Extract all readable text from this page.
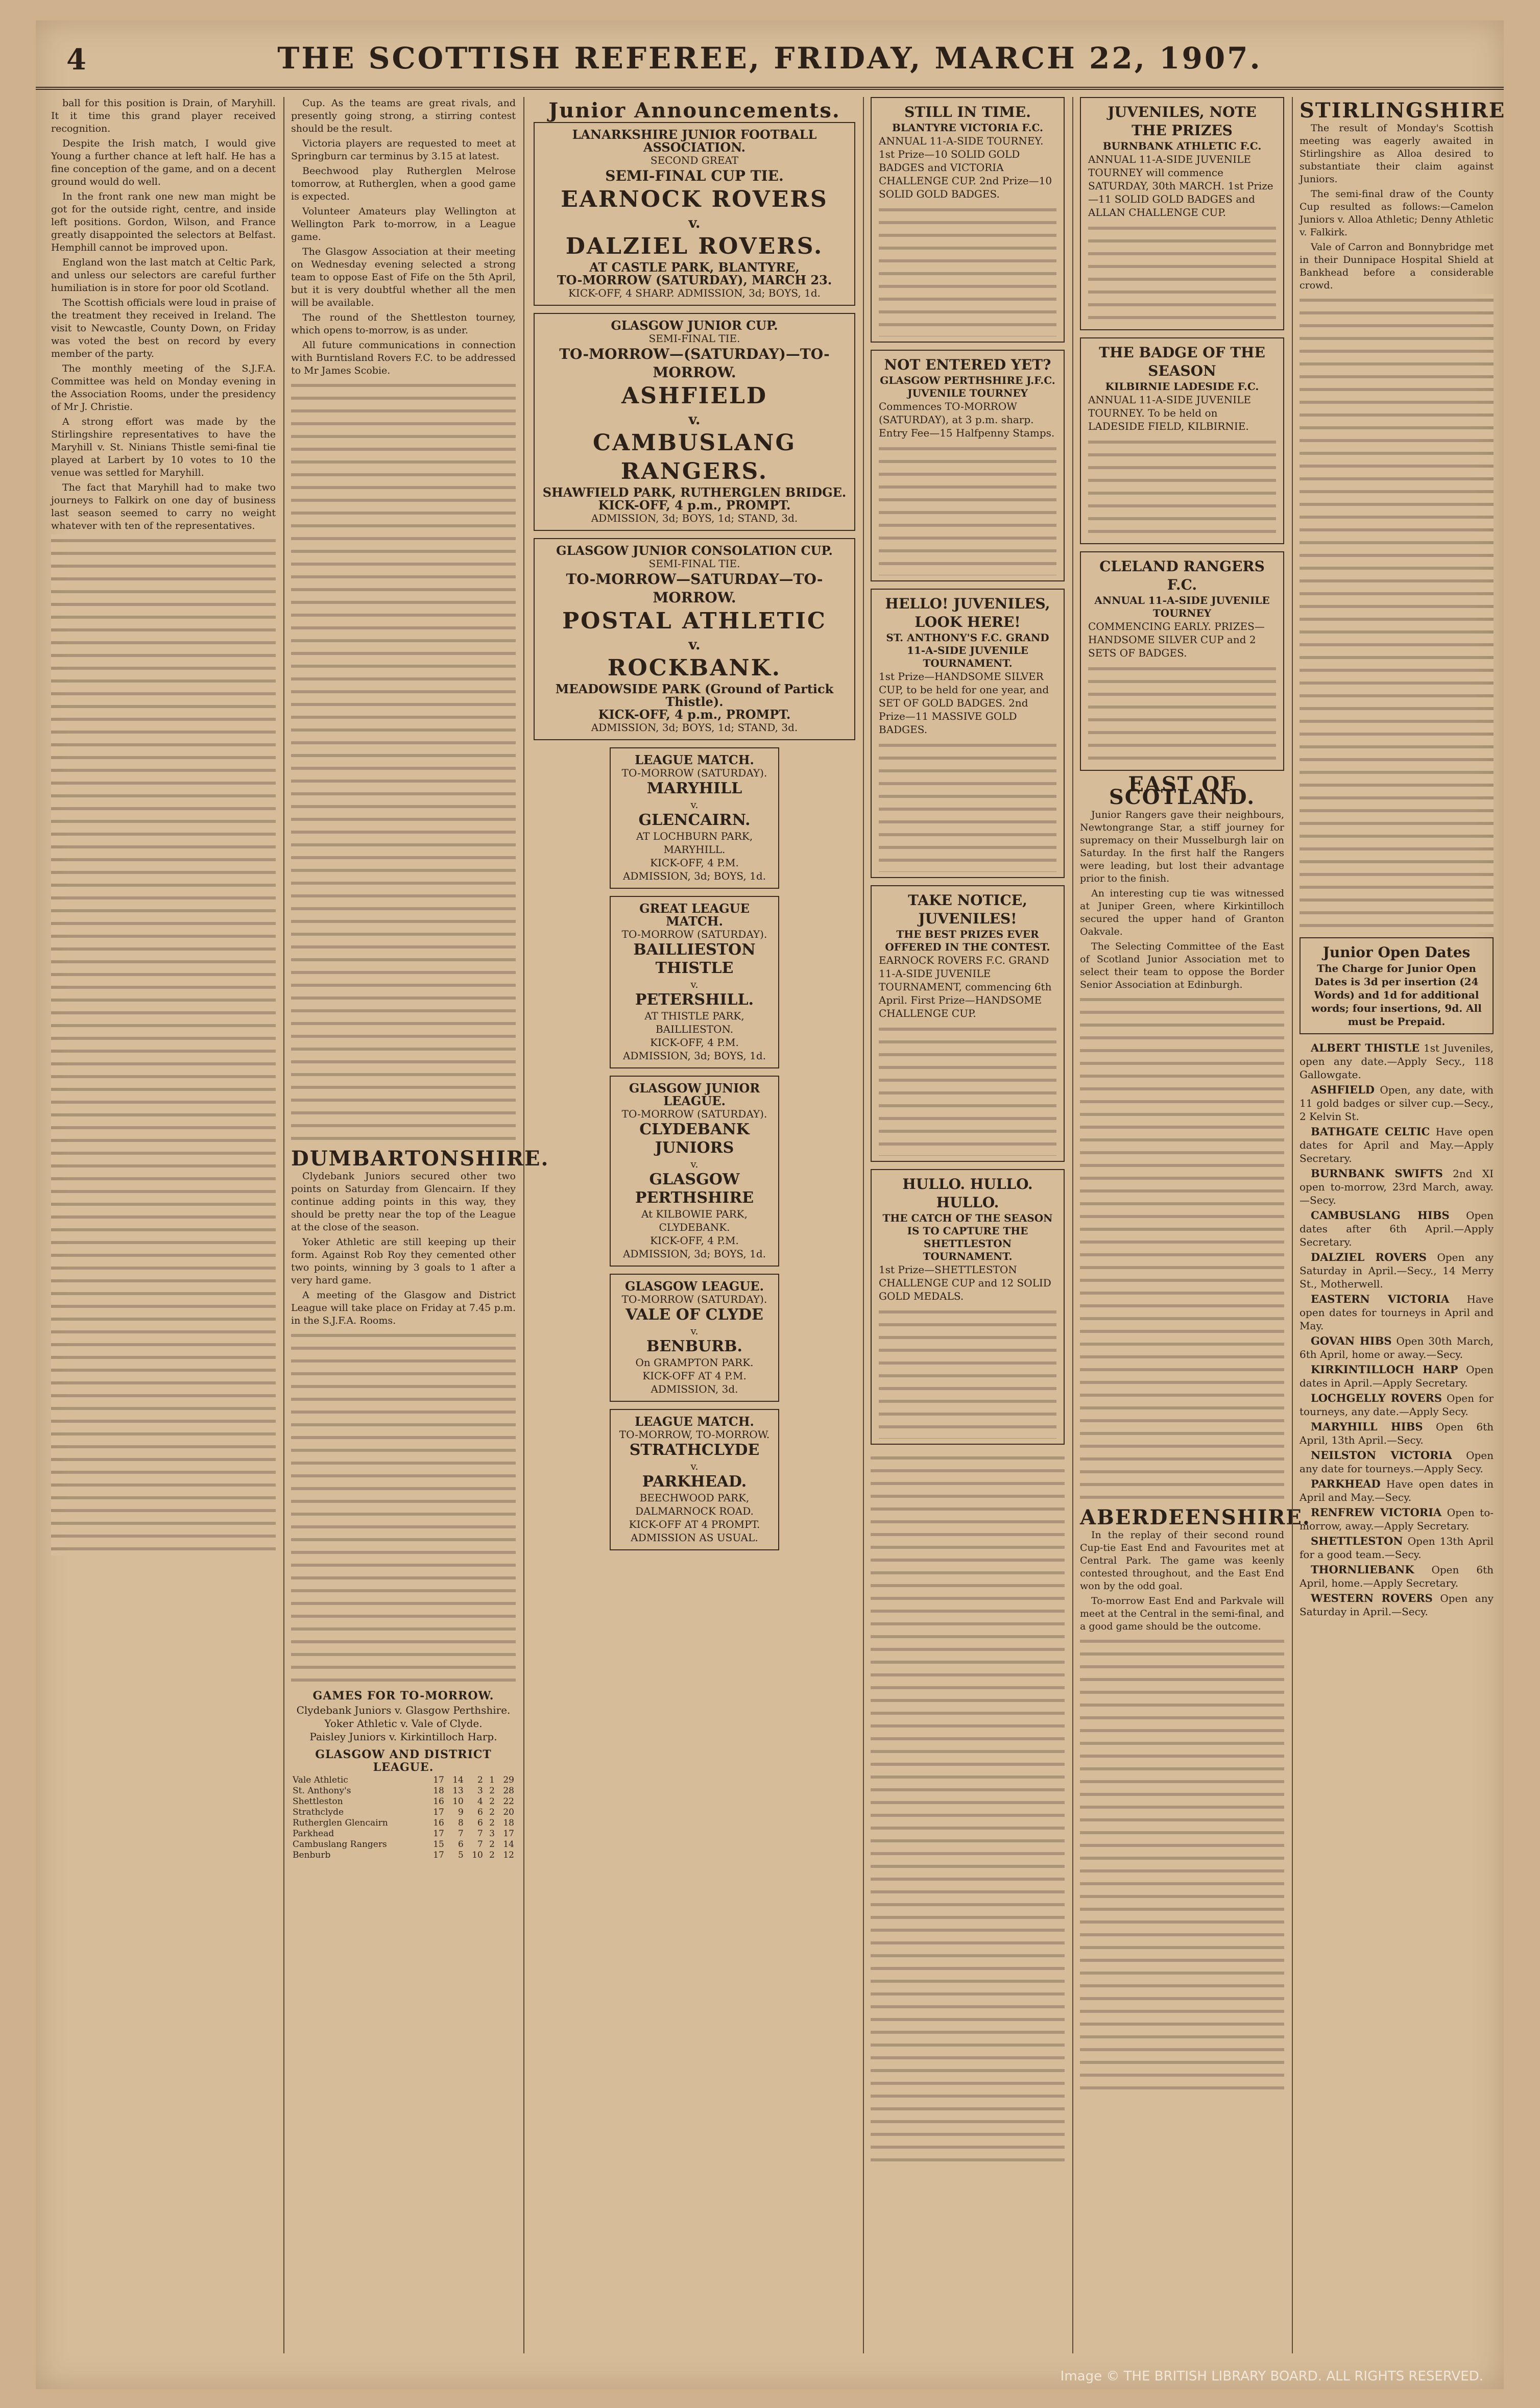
4	THE SCOTTISH REFEREE, FRIDAY, MARCH 22, 1907.

ball for this position is Drain, of Maryhill. It it time this grand player received recognition.

Despite the Irish match, I would give Young a further chance at left half. He has a fine conception of the game, and on a decent ground would do well.

In the front rank one new man might be got for the outside right, centre, and inside left positions. Gordon, Wilson, and France greatly disappointed the selectors at Belfast. Hemphill cannot be improved upon.

England won the last match at Celtic Park, and unless our selectors are careful further humiliation is in store for poor old Scotland.

The Scottish officials were loud in praise of the treatment they received in Ireland. The visit to Newcastle, County Down, on Friday was voted the best on record by every member of the party.

The monthly meeting of the S.J.F.A. Committee was held on Monday evening in the Association Rooms, under the presidency of Mr J. Christie.

A strong effort was made by the Stirlingshire representatives to have the Maryhill v. St. Ninians Thistle semi-final tie played at Larbert by 10 votes to 10 the venue was settled for Maryhill.

The fact that Maryhill had to make two journeys to Falkirk on one day of business last season seemed to carry no weight whatever with ten of the representatives.

Cup. As the teams are great rivals, and presently going strong, a stirring contest should be the result.

Victoria players are requested to meet at Springburn car terminus by 3.15 at latest.

Beechwood play Rutherglen Melrose tomorrow, at Rutherglen, when a good game is expected.

Volunteer Amateurs play Wellington at Wellington Park to-morrow, in a League game.

The Glasgow Association at their meeting on Wednesday evening selected a strong team to oppose East of Fife on the 5th April, but it is very doubtful whether all the men will be available.

The round of the Shettleston tourney, which opens to-morrow, is as under.

All future communications in connection with Burntisland Rovers F.C. to be addressed to Mr James Scobie.

DUMBARTONSHIRE.

Clydebank Juniors secured other two points on Saturday from Glencairn. If they continue adding points in this way, they should be pretty near the top of the League at the close of the season.

Yoker Athletic are still keeping up their form. Against Rob Roy they cemented other two points, winning by 3 goals to 1 after a very hard game.

A meeting of the Glasgow and District League will take place on Friday at 7.45 p.m. in the S.J.F.A. Rooms.

GAMES FOR TO-MORROW.
Clydebank Juniors v. Glasgow Perthshire.
Yoker Athletic v. Vale of Clyde.
Paisley Juniors v. Kirkintilloch Harp.
GLASGOW AND DISTRICT LEAGUE.
Vale Athletic	17	14	2	1	29
St. Anthony's	18	13	3	2	28
Shettleston	16	10	4	2	22
Strathclyde	17	9	6	2	20
Rutherglen Glencairn	16	8	6	2	18
Parkhead	17	7	7	3	17
Cambuslang Rangers	15	6	7	2	14
Benburb	17	5	10	2	12
Junior Announcements.
LANARKSHIRE JUNIOR FOOTBALL ASSOCIATION.
SECOND GREAT
SEMI-FINAL CUP TIE.
EARNOCK ROVERS
v.
DALZIEL ROVERS.
AT CASTLE PARK, BLANTYRE,
TO-MORROW (SATURDAY), MARCH 23.
KICK-OFF, 4 SHARP. ADMISSION, 3d; BOYS, 1d.
GLASGOW JUNIOR CUP.
SEMI-FINAL TIE.
TO-MORROW—(SATURDAY)—TO-MORROW.
ASHFIELD
v.
CAMBUSLANG RANGERS.
SHAWFIELD PARK, RUTHERGLEN BRIDGE.
KICK-OFF, 4 p.m., PROMPT.
ADMISSION, 3d; BOYS, 1d; STAND, 3d.
GLASGOW JUNIOR CONSOLATION CUP.
SEMI-FINAL TIE.
TO-MORROW—SATURDAY—TO-MORROW.
POSTAL ATHLETIC
v.
ROCKBANK.
MEADOWSIDE PARK (Ground of Partick Thistle).
KICK-OFF, 4 p.m., PROMPT.
ADMISSION, 3d; BOYS, 1d; STAND, 3d.
LEAGUE MATCH.
TO-MORROW (SATURDAY).
MARYHILL
v.
GLENCAIRN.
AT LOCHBURN PARK, MARYHILL.
KICK-OFF, 4 P.M. ADMISSION, 3d; BOYS, 1d.
GREAT LEAGUE MATCH.
TO-MORROW (SATURDAY).
BAILLIESTON THISTLE
v.
PETERSHILL.
AT THISTLE PARK, BAILLIESTON.
KICK-OFF, 4 P.M. ADMISSION, 3d; BOYS, 1d.
GLASGOW JUNIOR LEAGUE.
TO-MORROW (SATURDAY).
CLYDEBANK JUNIORS
v.
GLASGOW PERTHSHIRE
At KILBOWIE PARK, CLYDEBANK.
KICK-OFF, 4 P.M. ADMISSION, 3d; BOYS, 1d.
GLASGOW LEAGUE.
TO-MORROW (SATURDAY).
VALE OF CLYDE
v.
BENBURB.
On GRAMPTON PARK.
KICK-OFF AT 4 P.M. ADMISSION, 3d.
LEAGUE MATCH.
TO-MORROW, TO-MORROW.
STRATHCLYDE
v.
PARKHEAD.
BEECHWOOD PARK, DALMARNOCK ROAD.
KICK-OFF AT 4 PROMPT. ADMISSION AS USUAL.
STILL IN TIME.
BLANTYRE VICTORIA F.C.
ANNUAL 11-A-SIDE TOURNEY. 1st Prize—10 SOLID GOLD BADGES and VICTORIA CHALLENGE CUP. 2nd Prize—10 SOLID GOLD BADGES.
NOT ENTERED YET?
GLASGOW PERTHSHIRE J.F.C. JUVENILE TOURNEY
Commences TO-MORROW (SATURDAY), at 3 p.m. sharp. Entry Fee—15 Halfpenny Stamps.
HELLO! JUVENILES, LOOK HERE!
ST. ANTHONY'S F.C. GRAND 11-A-SIDE JUVENILE TOURNAMENT.
1st Prize—HANDSOME SILVER CUP, to be held for one year, and SET OF GOLD BADGES. 2nd Prize—11 MASSIVE GOLD BADGES.
TAKE NOTICE, JUVENILES!
THE BEST PRIZES EVER OFFERED IN THE CONTEST.
EARNOCK ROVERS F.C. GRAND 11-A-SIDE JUVENILE TOURNAMENT, commencing 6th April. First Prize—HANDSOME CHALLENGE CUP.
HULLO. HULLO. HULLO.
THE CATCH OF THE SEASON IS TO CAPTURE THE SHETTLESTON TOURNAMENT.
1st Prize—SHETTLESTON CHALLENGE CUP and 12 SOLID GOLD MEDALS.
JUVENILES, NOTE THE PRIZES
BURNBANK ATHLETIC F.C.
ANNUAL 11-A-SIDE JUVENILE TOURNEY will commence SATURDAY, 30th MARCH. 1st Prize—11 SOLID GOLD BADGES and ALLAN CHALLENGE CUP.
THE BADGE OF THE SEASON
KILBIRNIE LADESIDE F.C.
ANNUAL 11-A-SIDE JUVENILE TOURNEY. To be held on LADESIDE FIELD, KILBIRNIE.
CLELAND RANGERS F.C.
ANNUAL 11-A-SIDE JUVENILE TOURNEY
COMMENCING EARLY. PRIZES—HANDSOME SILVER CUP and 2 SETS OF BADGES.
EAST OF SCOTLAND.

Junior Rangers gave their neighbours, Newtongrange Star, a stiff journey for supremacy on their Musselburgh lair on Saturday. In the first half the Rangers were leading, but lost their advantage prior to the finish.

An interesting cup tie was witnessed at Juniper Green, where Kirkintilloch secured the upper hand of Granton Oakvale.

The Selecting Committee of the East of Scotland Junior Association met to select their team to oppose the Border Senior Association at Edinburgh.

ABERDEENSHIRE.

In the replay of their second round Cup-tie East End and Favourites met at Central Park. The game was keenly contested throughout, and the East End won by the odd goal.

To-morrow East End and Parkvale will meet at the Central in the semi-final, and a good game should be the outcome.

STIRLINGSHIRE

The result of Monday's Scottish meeting was eagerly awaited in Stirlingshire as Alloa desired to substantiate their claim against Juniors.

The semi-final draw of the County Cup resulted as follows:—Camelon Juniors v. Alloa Athletic; Denny Athletic v. Falkirk.

Vale of Carron and Bonnybridge met in their Dunnipace Hospital Shield at Bankhead before a considerable crowd.

Junior Open Dates
The Charge for Junior Open Dates is 3d per insertion (24 Words) and 1d for additional words; four insertions, 9d. All must be Prepaid.

ALBERT THISTLE 1st Juveniles, open any date.—Apply Secy., 118 Gallowgate.

ASHFIELD Open, any date, with 11 gold badges or silver cup.—Secy., 2 Kelvin St.

BATHGATE CELTIC Have open dates for April and May.—Apply Secretary.

BURNBANK SWIFTS 2nd XI open to-morrow, 23rd March, away.—Secy.

CAMBUSLANG HIBS Open dates after 6th April.—Apply Secretary.

DALZIEL ROVERS Open any Saturday in April.—Secy., 14 Merry St., Motherwell.

EASTERN VICTORIA Have open dates for tourneys in April and May.

GOVAN HIBS Open 30th March, 6th April, home or away.—Secy.

KIRKINTILLOCH HARP Open dates in April.—Apply Secretary.

LOCHGELLY ROVERS Open for tourneys, any date.—Apply Secy.

MARYHILL HIBS Open 6th April, 13th April.—Secy.

NEILSTON VICTORIA Open any date for tourneys.—Apply Secy.

PARKHEAD Have open dates in April and May.—Secy.

RENFREW VICTORIA Open to-morrow, away.—Apply Secretary.

SHETTLESTON Open 13th April for a good team.—Secy.

THORNLIEBANK Open 6th April, home.—Apply Secretary.

WESTERN ROVERS Open any Saturday in April.—Secy.

Image © THE BRITISH LIBRARY BOARD. ALL RIGHTS RESERVED.
